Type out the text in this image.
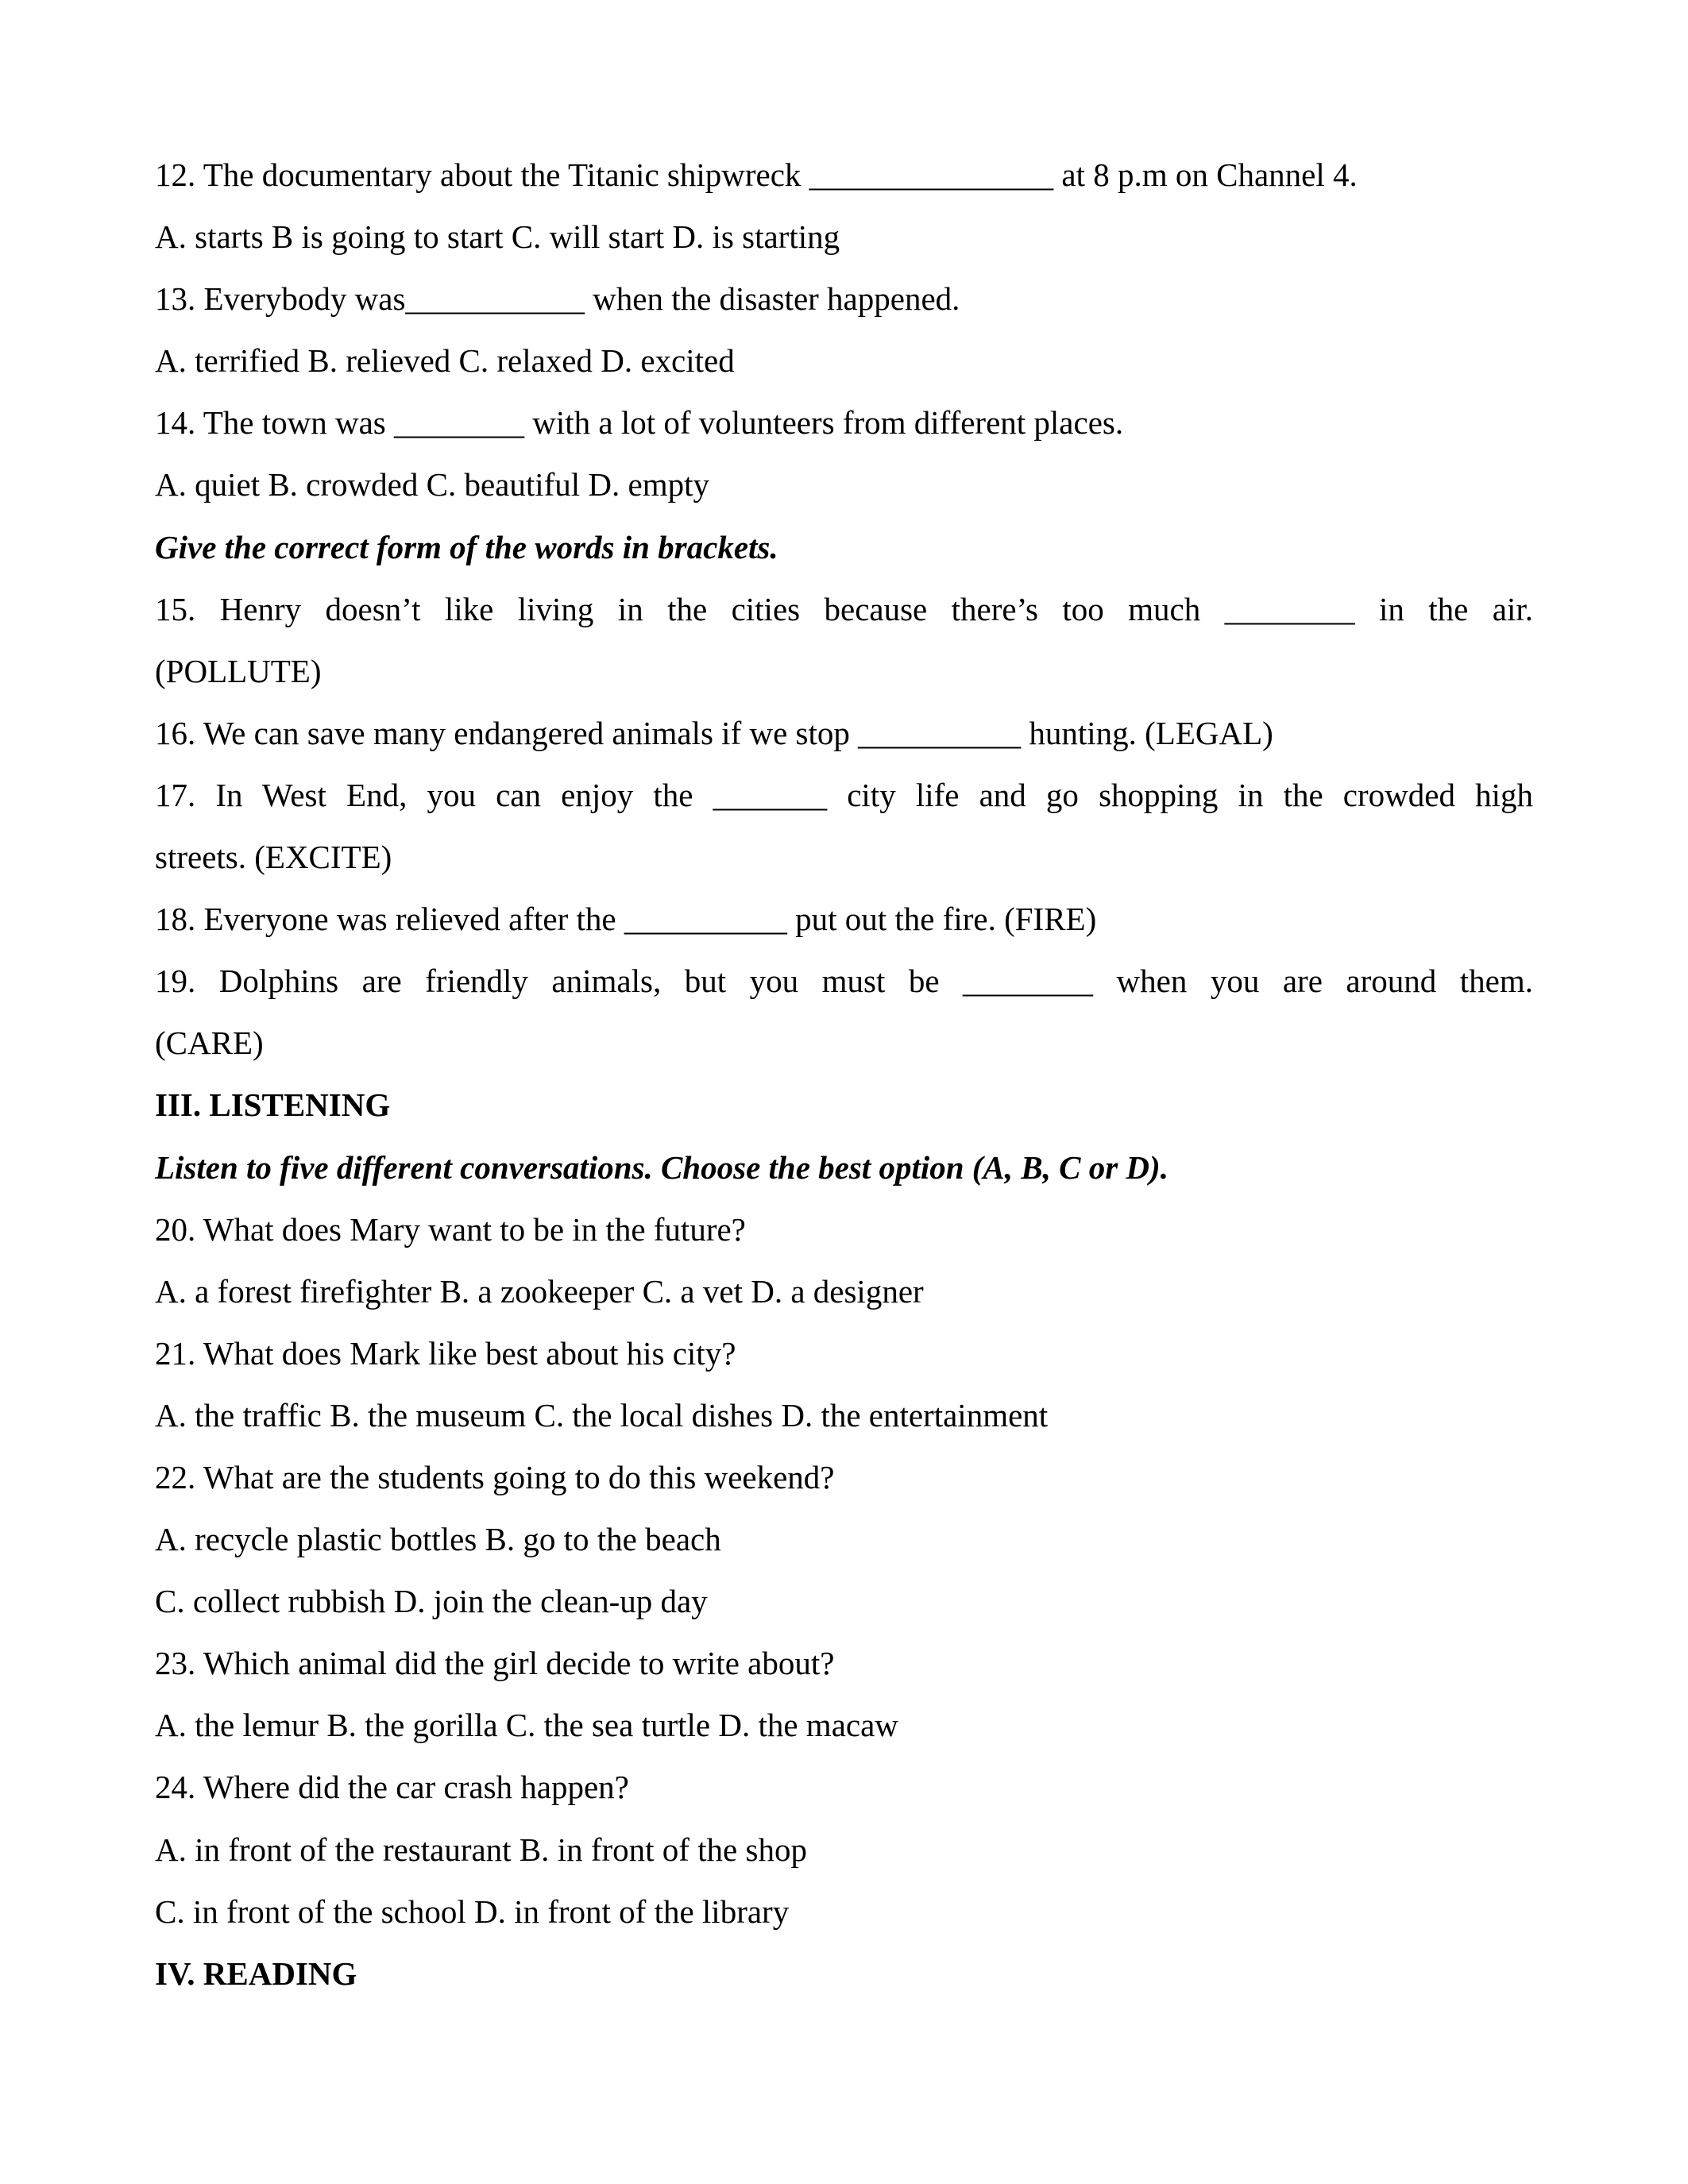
12. The documentary about the Titanic shipwreck _______________ at 8 p.m on Channel 4.
A. starts B is going to start C. will start D. is starting
13. Everybody was___________ when the disaster happened.
A. terrified B. relieved C. relaxed D. excited
14. The town was ________ with a lot of volunteers from different places.
A. quiet B. crowded C. beautiful D. empty
Give the correct form of the words in brackets.
15. Henry doesn’t like living in the cities because there’s too much ________ in the air.
(POLLUTE)
16. We can save many endangered animals if we stop __________ hunting. (LEGAL)
17. In West End, you can enjoy the _______ city life and go shopping in the crowded high
streets. (EXCITE)
18. Everyone was relieved after the __________ put out the fire. (FIRE)
19. Dolphins are friendly animals, but you must be ________ when you are around them.
(CARE)
III. LISTENING
Listen to five different conversations. Choose the best option (A, B, C or D).
20. What does Mary want to be in the future?
A. a forest firefighter B. a zookeeper C. a vet D. a designer
21. What does Mark like best about his city?
A. the traffic B. the museum C. the local dishes D. the entertainment
22. What are the students going to do this weekend?
A. recycle plastic bottles B. go to the beach
C. collect rubbish D. join the clean-up day
23. Which animal did the girl decide to write about?
A. the lemur B. the gorilla C. the sea turtle D. the macaw
24. Where did the car crash happen?
A. in front of the restaurant B. in front of the shop
C. in front of the school D. in front of the library
IV. READING
